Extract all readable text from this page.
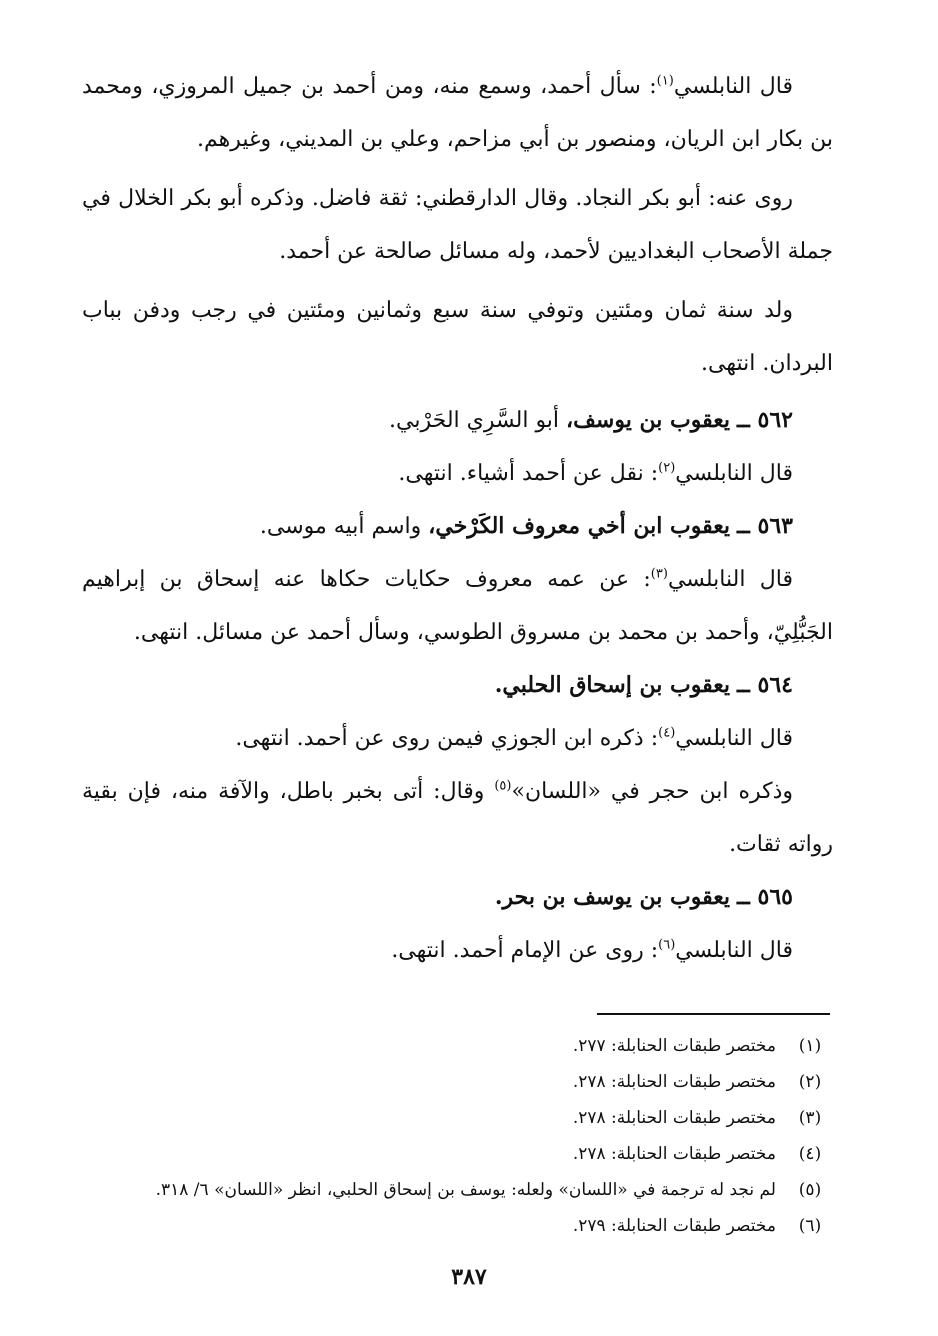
قال النابلسي$^{(١)}$: سأل أحمد، وسمع منه، ومن أحمد بن جميل المروزي، ومحمد بن بكار ابن الريان، ومنصور بن أبي مزاحم، وعلي بن المديني، وغيرهم.

روى عنه: أبو بكر النجاد. وقال الدارقطني: ثقة فاضل. وذكره أبو بكر الخلال في جملة الأصحاب البغداديين لأحمد، وله مسائل صالحة عن أحمد.

ولد سنة ثمان ومئتين وتوفي سنة سبع وثمانين ومئتين في رجب ودفن بباب البردان. انتهى.

٥٦٢ ــ يعقوب بن يوسف، أبو السَّرِي الحَرْبي.

قال النابلسي$^{(٢)}$: نقل عن أحمد أشياء. انتهى.

٥٦٣ ــ يعقوب ابن أخي معروف الكَرْخي، واسم أبيه موسى.

قال النابلسي$^{(٣)}$: عن عمه معروف حكايات حكاها عنه إسحاق بن إبراهيم الجَبُّلِيّ، وأحمد بن محمد بن مسروق الطوسي، وسأل أحمد عن مسائل. انتهى.

٥٦٤ ــ يعقوب بن إسحاق الحلبي.

قال النابلسي$^{(٤)}$: ذكره ابن الجوزي فيمن روى عن أحمد. انتهى.

وذكره ابن حجر في «اللسان»$^{(٥)}$ وقال: أتى بخبر باطل، والآفة منه، فإن بقية رواته ثقات.

٥٦٥ ــ يعقوب بن يوسف بن بحر.

قال النابلسي$^{(٦)}$: روى عن الإمام أحمد. انتهى.

(١)
مختصر طبقات الحنابلة: ٢٧٧.
(٢)
مختصر طبقات الحنابلة: ٢٧٨.
(٣)
مختصر طبقات الحنابلة: ٢٧٨.
(٤)
مختصر طبقات الحنابلة: ٢٧٨.
(٥)
لم نجد له ترجمة في «اللسان» ولعله: يوسف بن إسحاق الحلبي، انظر «اللسان» ٦/ ٣١٨.
(٦)
مختصر طبقات الحنابلة: ٢٧٩.
٣٨٧
